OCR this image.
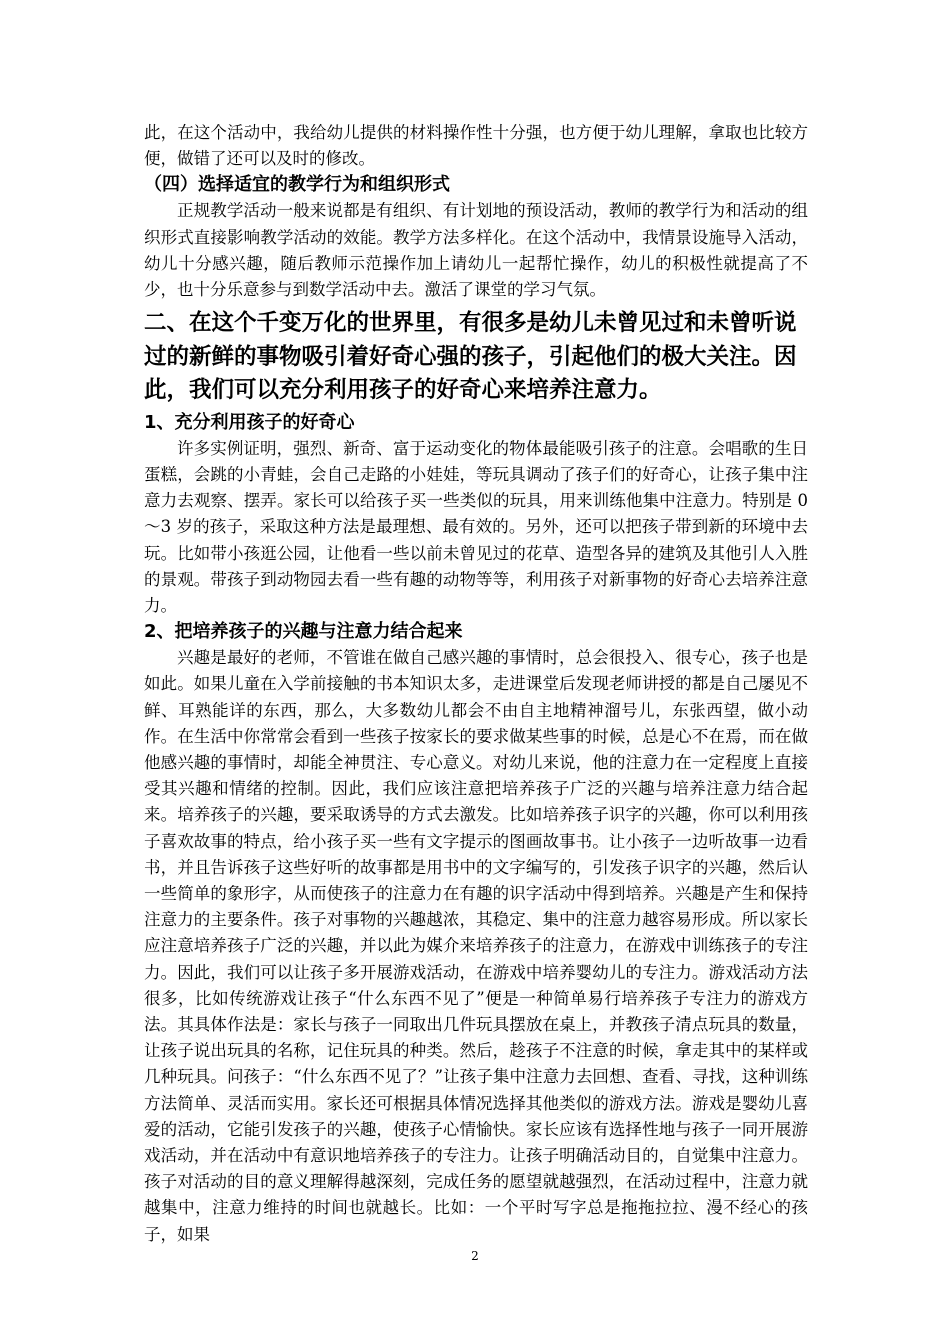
此，在这个活动中，我给幼儿提供的材料操作性十分强，也方便于幼儿理解，拿取也比较方便，做错了还可以及时的修改。

（四）选择适宜的教学行为和组织形式

正规教学活动一般来说都是有组织、有计划地的预设活动，教师的教学行为和活动的组织形式直接影响教学活动的效能。教学方法多样化。在这个活动中，我情景设施导入活动，幼儿十分感兴趣，随后教师示范操作加上请幼儿一起帮忙操作，幼儿的积极性就提高了不少，也十分乐意参与到数学活动中去。激活了课堂的学习气氛。

二、在这个千变万化的世界里，有很多是幼儿未曾见过和未曾听说过的新鲜的事物吸引着好奇心强的孩子，引起他们的极大关注。因此，我们可以充分利用孩子的好奇心来培养注意力。
1、充分利用孩子的好奇心

许多实例证明，强烈、新奇、富于运动变化的物体最能吸引孩子的注意。会唱歌的生日蛋糕，会跳的小青蛙，会自己走路的小娃娃，等玩具调动了孩子们的好奇心，让孩子集中注意力去观察、摆弄。家长可以给孩子买一些类似的玩具，用来训练他集中注意力。特别是 0～3 岁的孩子，采取这种方法是最理想、最有效的。另外，还可以把孩子带到新的环境中去玩。比如带小孩逛公园，让他看一些以前未曾见过的花草、造型各异的建筑及其他引人入胜的景观。带孩子到动物园去看一些有趣的动物等等，利用孩子对新事物的好奇心去培养注意力。

2、把培养孩子的兴趣与注意力结合起来

兴趣是最好的老师，不管谁在做自己感兴趣的事情时，总会很投入、很专心，孩子也是如此。如果儿童在入学前接触的书本知识太多，走进课堂后发现老师讲授的都是自己屡见不鲜、耳熟能详的东西，那么，大多数幼儿都会不由自主地精神溜号儿，东张西望，做小动作。在生活中你常常会看到一些孩子按家长的要求做某些事的时候，总是心不在焉，而在做他感兴趣的事情时，却能全神贯注、专心意义。对幼儿来说，他的注意力在一定程度上直接受其兴趣和情绪的控制。因此，我们应该注意把培养孩子广泛的兴趣与培养注意力结合起来。培养孩子的兴趣，要采取诱导的方式去激发。比如培养孩子识字的兴趣，你可以利用孩子喜欢故事的特点，给小孩子买一些有文字提示的图画故事书。让小孩子一边听故事一边看书，并且告诉孩子这些好听的故事都是用书中的文字编写的，引发孩子识字的兴趣，然后认一些简单的象形字，从而使孩子的注意力在有趣的识字活动中得到培养。兴趣是产生和保持注意力的主要条件。孩子对事物的兴趣越浓，其稳定、集中的注意力越容易形成。所以家长应注意培养孩子广泛的兴趣，并以此为媒介来培养孩子的注意力，在游戏中训练孩子的专注力。因此，我们可以让孩子多开展游戏活动，在游戏中培养婴幼儿的专注力。游戏活动方法很多，比如传统游戏让孩子“什么东西不见了”便是一种简单易行培养孩子专注力的游戏方法。其具体作法是：家长与孩子一同取出几件玩具摆放在桌上，并教孩子清点玩具的数量，让孩子说出玩具的名称，记住玩具的种类。然后，趁孩子不注意的时候，拿走其中的某样或几种玩具。问孩子：“什么东西不见了？”让孩子集中注意力去回想、查看、寻找，这种训练方法简单、灵活而实用。家长还可根据具体情况选择其他类似的游戏方法。游戏是婴幼儿喜爱的活动，它能引发孩子的兴趣，使孩子心情愉快。家长应该有选择性地与孩子一同开展游戏活动，并在活动中有意识地培养孩子的专注力。让孩子明确活动目的，自觉集中注意力。孩子对活动的目的意义理解得越深刻，完成任务的愿望就越强烈，在活动过程中，注意力就越集中，注意力维持的时间也就越长。比如：一个平时写字总是拖拖拉拉、漫不经心的孩子，如果

2
